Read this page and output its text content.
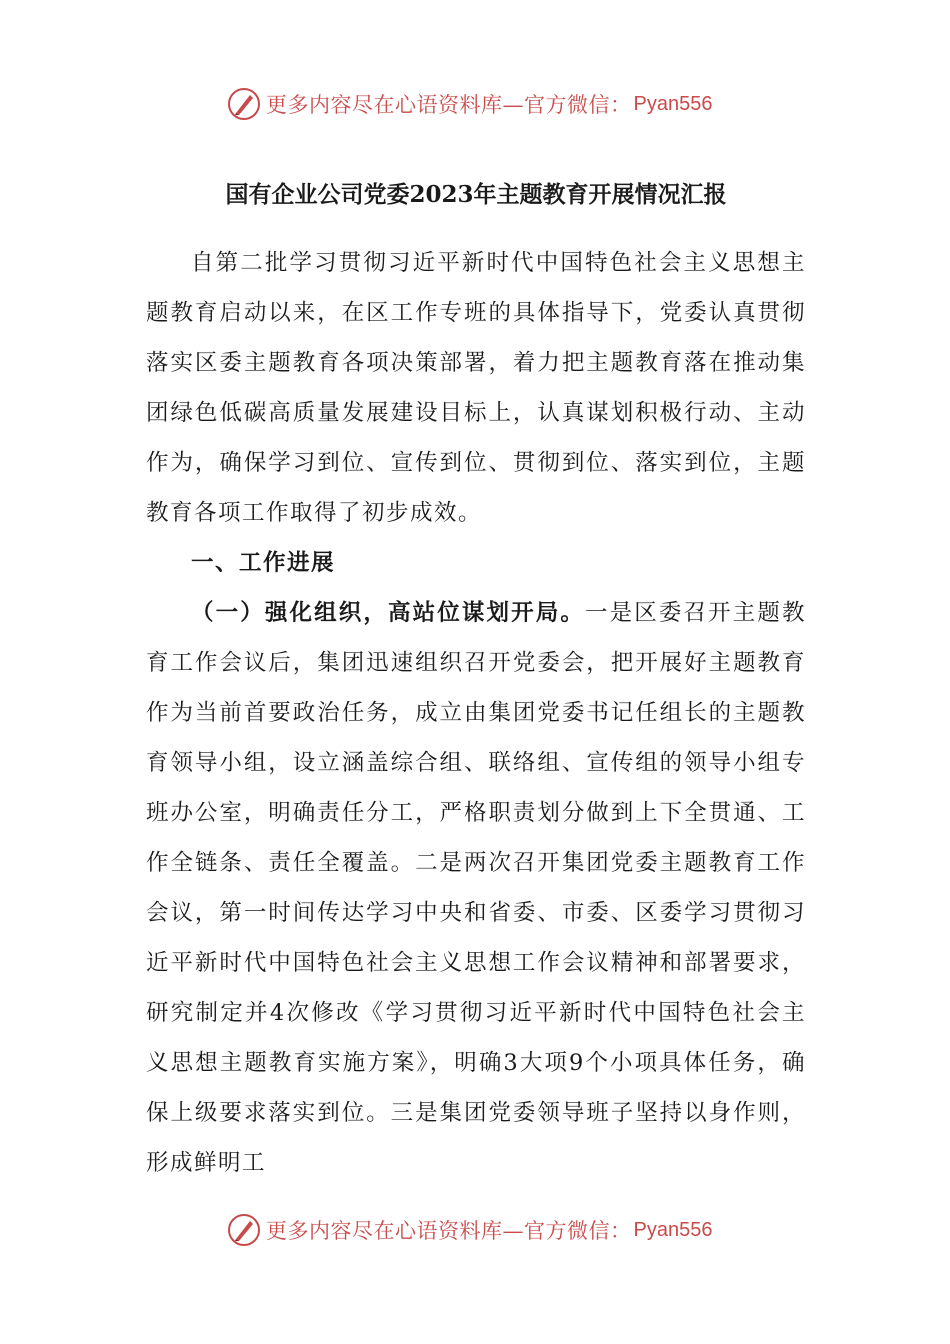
更多内容尽在心语资料库—官方微信： Pyan556
国有企业公司党委2023年主题教育开展情况汇报

自第二批学习贯彻习近平新时代中国特色社会主义思想主题教育启动以来，在区工作专班的具体指导下，党委认真贯彻落实区委主题教育各项决策部署，着力把主题教育落在推动集团绿色低碳高质量发展建设目标上，认真谋划积极行动、主动作为，确保学习到位、宣传到位、贯彻到位、落实到位，主题教育各项工作取得了初步成效。

一、工作进展

（一）强化组织，高站位谋划开局。一是区委召开主题教育工作会议后，集团迅速组织召开党委会，把开展好主题教育作为当前首要政治任务，成立由集团党委书记任组长的主题教育领导小组，设立涵盖综合组、联络组、宣传组的领导小组专班办公室，明确责任分工，严格职责划分做到上下全贯通、工作全链条、责任全覆盖。二是两次召开集团党委主题教育工作会议，第一时间传达学习中央和省委、市委、区委学习贯彻习近平新时代中国特色社会主义思想工作会议精神和部署要求，研究制定并4次修改《学习贯彻习近平新时代中国特色社会主义思想主题教育实施方案》，明确3大项9个小项具体任务，确保上级要求落实到位。三是集团党委领导班子坚持以身作则，形成鲜明工

更多内容尽在心语资料库—官方微信： Pyan556
